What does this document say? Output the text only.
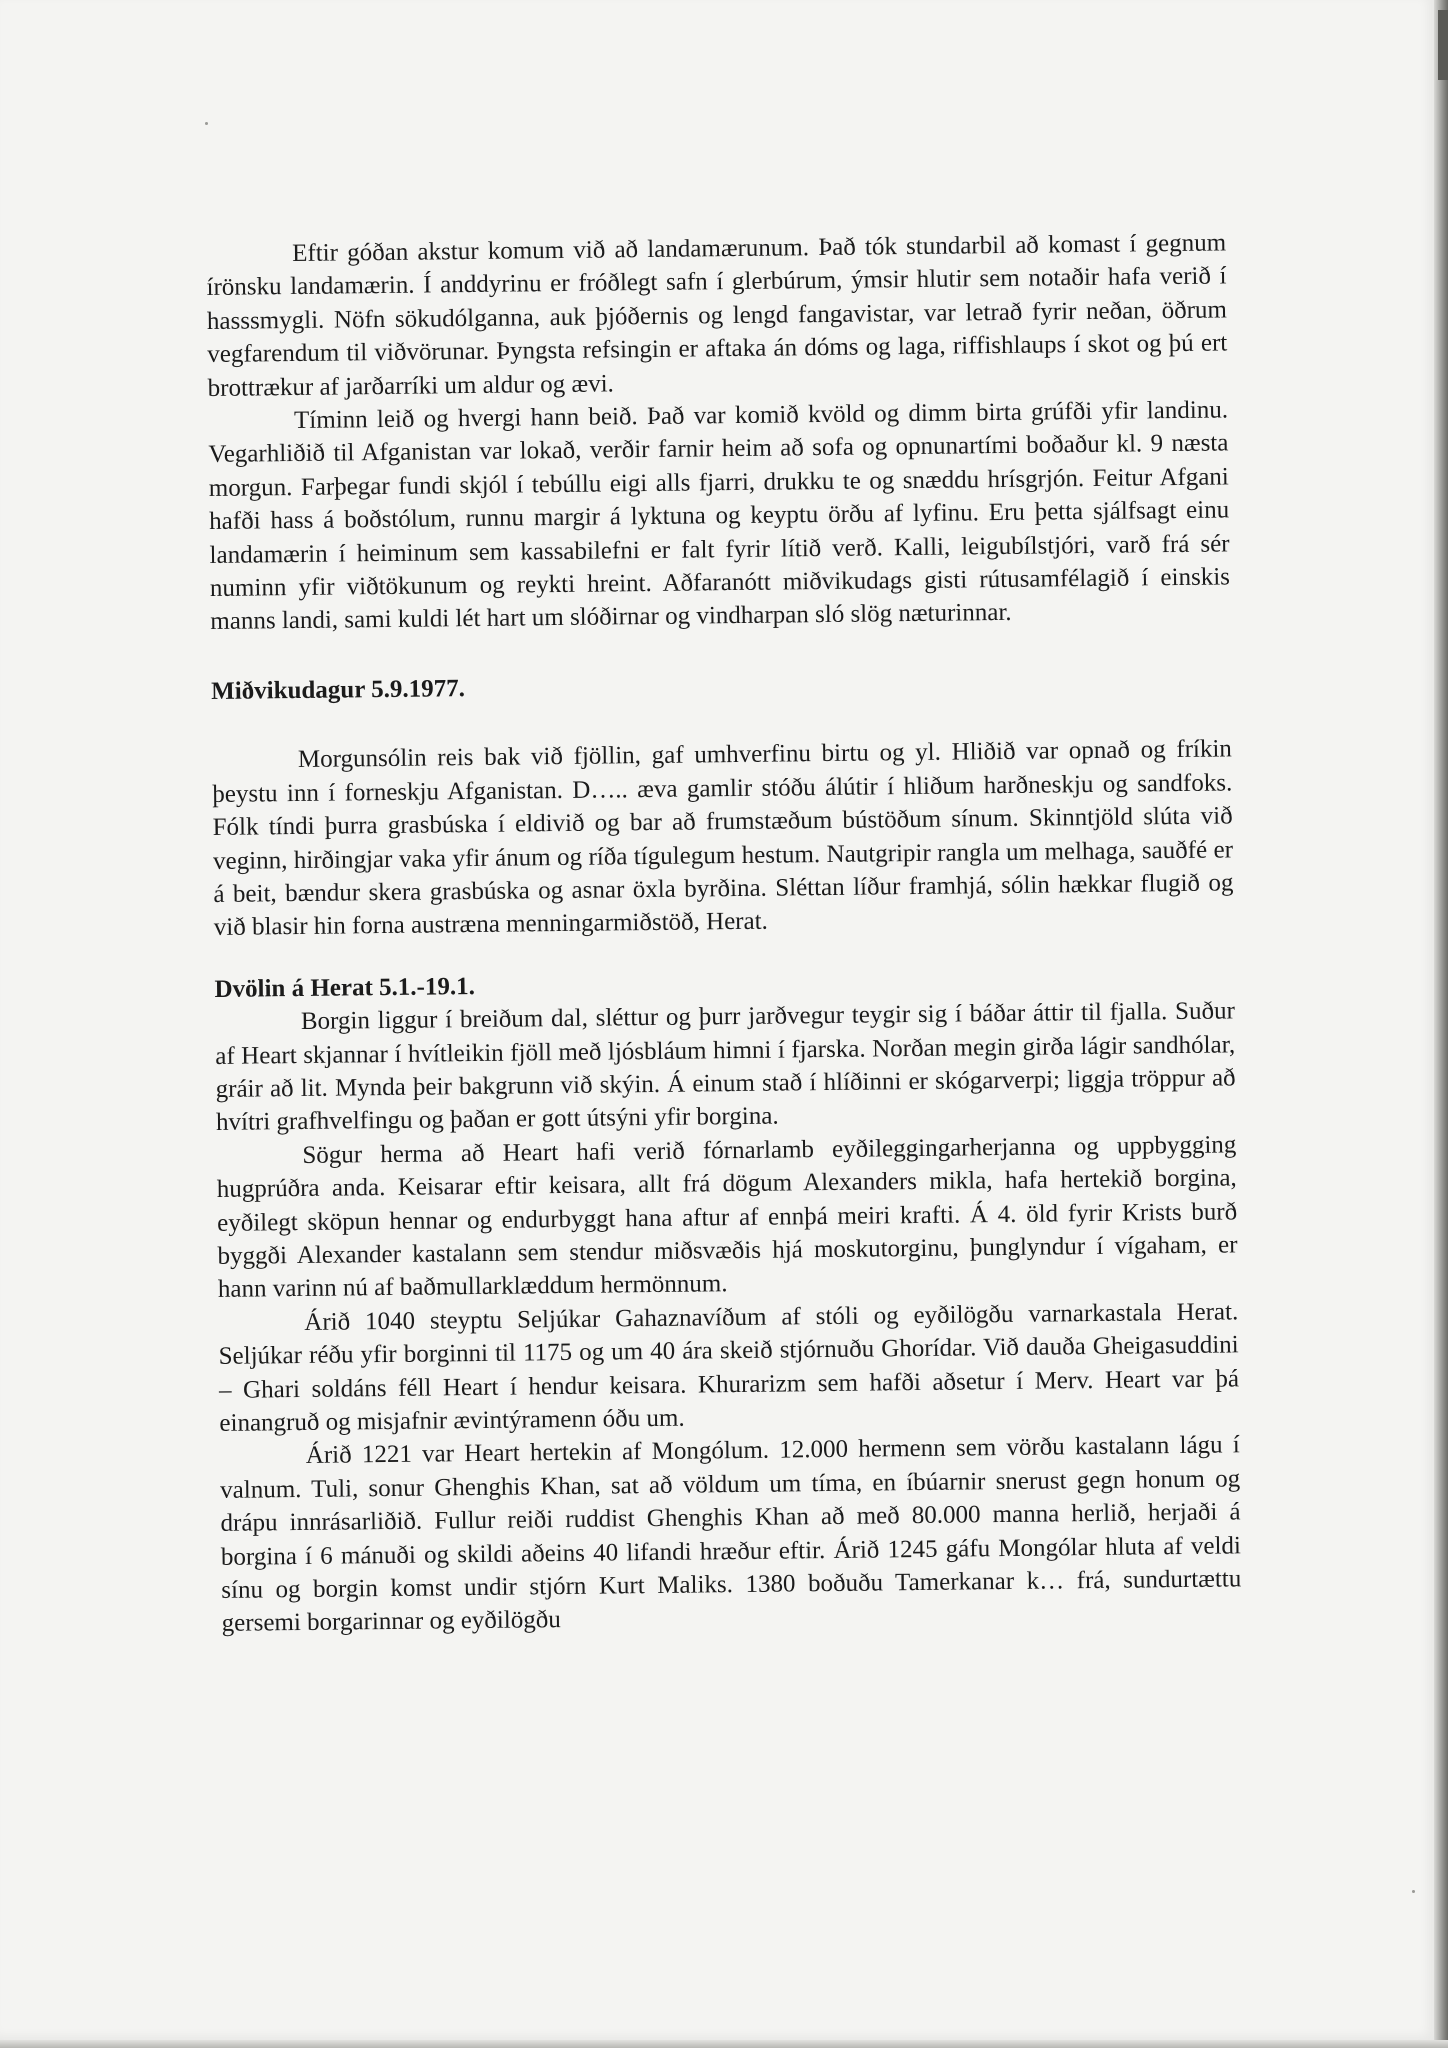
Eftir góðan akstur komum við að landamærunum. Það tók stundarbil að komast í gegnum írönsku landamærin. Í anddyrinu er fróðlegt safn í glerbúrum, ýmsir hlutir sem notaðir hafa verið í hasssmygli. Nöfn sökudólganna, auk þjóðernis og lengd fangavistar, var letrað fyrir neðan, öðrum vegfarendum til viðvörunar. Þyngsta refsingin er aftaka án dóms og laga, riffishlaups í skot og þú ert brottrækur af jarðarríki um aldur og ævi.

Tíminn leið og hvergi hann beið. Það var komið kvöld og dimm birta grúfði yfir landinu. Vegarhliðið til Afganistan var lokað, verðir farnir heim að sofa og opnunartími boðaður kl. 9 næsta morgun. Farþegar fundi skjól í tebúllu eigi alls fjarri, drukku te og snæddu hrísgrjón. Feitur Afgani hafði hass á boðstólum, runnu margir á lyktuna og keyptu örðu af lyfinu. Eru þetta sjálfsagt einu landamærin í heiminum sem kassabilefni er falt fyrir lítið verð. Kalli, leigubílstjóri, varð frá sér numinn yfir viðtökunum og reykti hreint. Aðfaranótt miðvikudags gisti rútusamfélagið í einskis manns landi, sami kuldi lét hart um slóðirnar og vindharpan sló slög næturinnar.

Miðvikudagur 5.9.1977.

Morgunsólin reis bak við fjöllin, gaf umhverfinu birtu og yl. Hliðið var opnað og fríkin þeystu inn í forneskju Afganistan. D….. æva gamlir stóðu álútir í hliðum harðneskju og sandfoks. Fólk tíndi þurra grasbúska í eldivið og bar að frumstæðum bústöðum sínum. Skinntjöld slúta við veginn, hirðingjar vaka yfir ánum og ríða tígulegum hestum. Nautgripir rangla um melhaga, sauðfé er á beit, bændur skera grasbúska og asnar öxla byrðina. Sléttan líður framhjá, sólin hækkar flugið og við blasir hin forna austræna menningarmiðstöð, Herat.

Dvölin á Herat 5.1.-19.1.

Borgin liggur í breiðum dal, sléttur og þurr jarðvegur teygir sig í báðar áttir til fjalla. Suður af Heart skjannar í hvítleikin fjöll með ljósbláum himni í fjarska. Norðan megin girða lágir sandhólar, gráir að lit. Mynda þeir bakgrunn við skýin. Á einum stað í hlíðinni er skógarverpi; liggja tröppur að hvítri grafhvelfingu og þaðan er gott útsýni yfir borgina.

Sögur herma að Heart hafi verið fórnarlamb eyðileggingarherjanna og uppbygging hugprúðra anda. Keisarar eftir keisara, allt frá dögum Alexanders mikla, hafa hertekið borgina, eyðilegt sköpun hennar og endurbyggt hana aftur af ennþá meiri krafti. Á 4. öld fyrir Krists burð byggði Alexander kastalann sem stendur miðsvæðis hjá moskutorginu, þunglyndur í vígaham, er hann varinn nú af baðmullarklæddum hermönnum.

Árið 1040 steyptu Seljúkar Gahaznavíðum af stóli og eyðilögðu varnarkastala Herat. Seljúkar réðu yfir borginni til 1175 og um 40 ára skeið stjórnuðu Ghorídar. Við dauða Gheigasuddini – Ghari soldáns féll Heart í hendur keisara. Khurarizm sem hafði aðsetur í Merv. Heart var þá einangruð og misjafnir ævintýramenn óðu um.

Árið 1221 var Heart hertekin af Mongólum. 12.000 hermenn sem vörðu kastalann lágu í valnum. Tuli, sonur Ghenghis Khan, sat að völdum um tíma, en íbúarnir snerust gegn honum og drápu innrásarliðið. Fullur reiði ruddist Ghenghis Khan að með 80.000 manna herlið, herjaði á borgina í 6 mánuði og skildi aðeins 40 lifandi hræður eftir. Árið 1245 gáfu Mongólar hluta af veldi sínu og borgin komst undir stjórn Kurt Maliks. 1380 boðuðu Tamerkanar k… frá, sundurtættu gersemi borgarinnar og eyðilögðu
